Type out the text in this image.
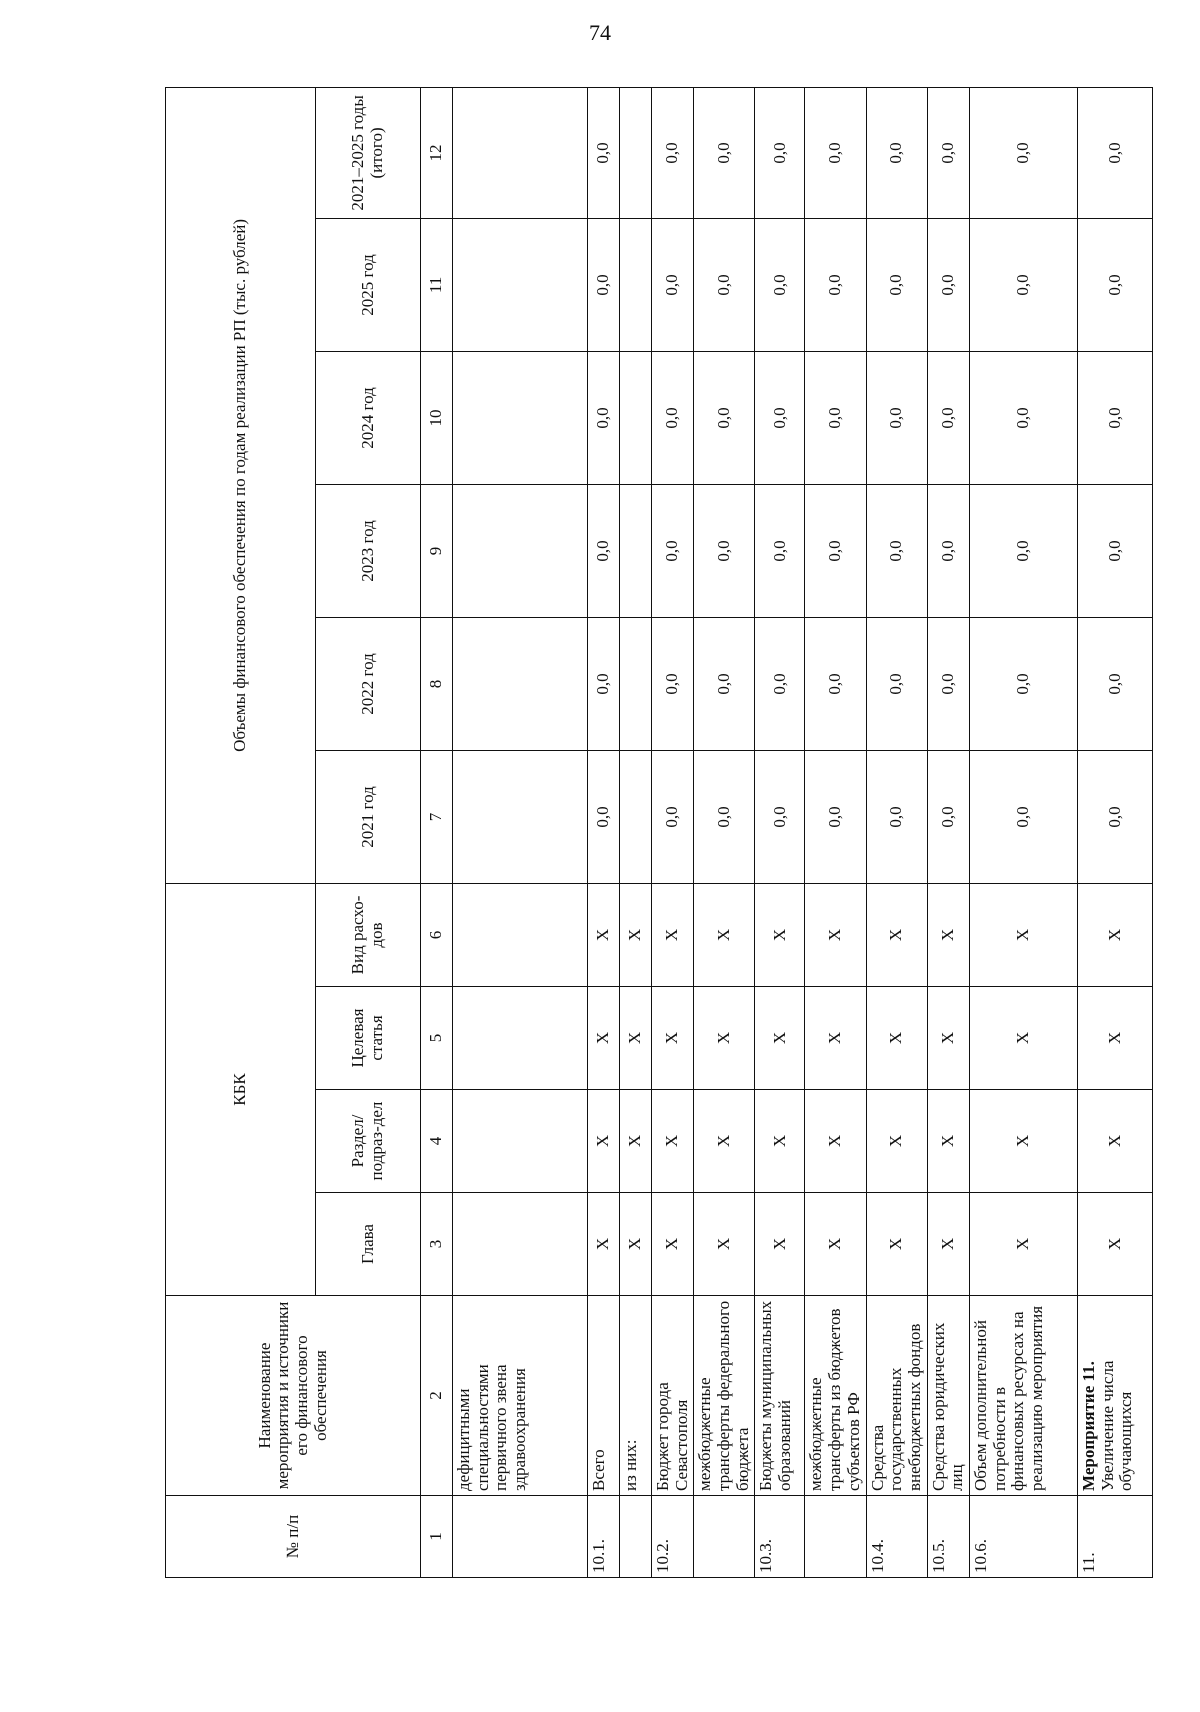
74
№ п/п	Наименование мероприятия и источники его финансового обеспечения	КБК				Объемы финансового обеспечения по годам реализации РП (тыс. рублей)					
		Глава	Раздел/ подраз-дел	Целевая статья	Вид расхо-дов	2021 год	2022 год	2023 год	2024 год	2025 год	2021–2025 годы (итого)
1	2	3	4	5	6	7	8	9	10	11	12
	дефицитными специальностями первичного звена здравоохранения										
10.1.	Всего	Х	Х	Х	Х	0,0	0,0	0,0	0,0	0,0	0,0
	из них:	Х	Х	Х	Х						
10.2.	Бюджет города Севастополя	Х	Х	Х	Х	0,0	0,0	0,0	0,0	0,0	0,0
	межбюджетные трансферты федерального бюджета	Х	Х	Х	Х	0,0	0,0	0,0	0,0	0,0	0,0
10.3.	Бюджеты муниципальных образований	Х	Х	Х	Х	0,0	0,0	0,0	0,0	0,0	0,0
	межбюджетные трансферты из бюджетов субъектов РФ	Х	Х	Х	Х	0,0	0,0	0,0	0,0	0,0	0,0
10.4.	Средства государственных внебюджетных фондов	Х	Х	Х	Х	0,0	0,0	0,0	0,0	0,0	0,0
10.5.	Средства юридических лиц	Х	Х	Х	Х	0,0	0,0	0,0	0,0	0,0	0,0
10.6.	Объем дополнительной потребности в финансовых ресурсах на реализацию мероприятия	Х	Х	Х	Х	0,0	0,0	0,0	0,0	0,0	0,0
11.	Мероприятие 11. Увеличение числа обучающихся	Х	Х	Х	Х	0,0	0,0	0,0	0,0	0,0	0,0
